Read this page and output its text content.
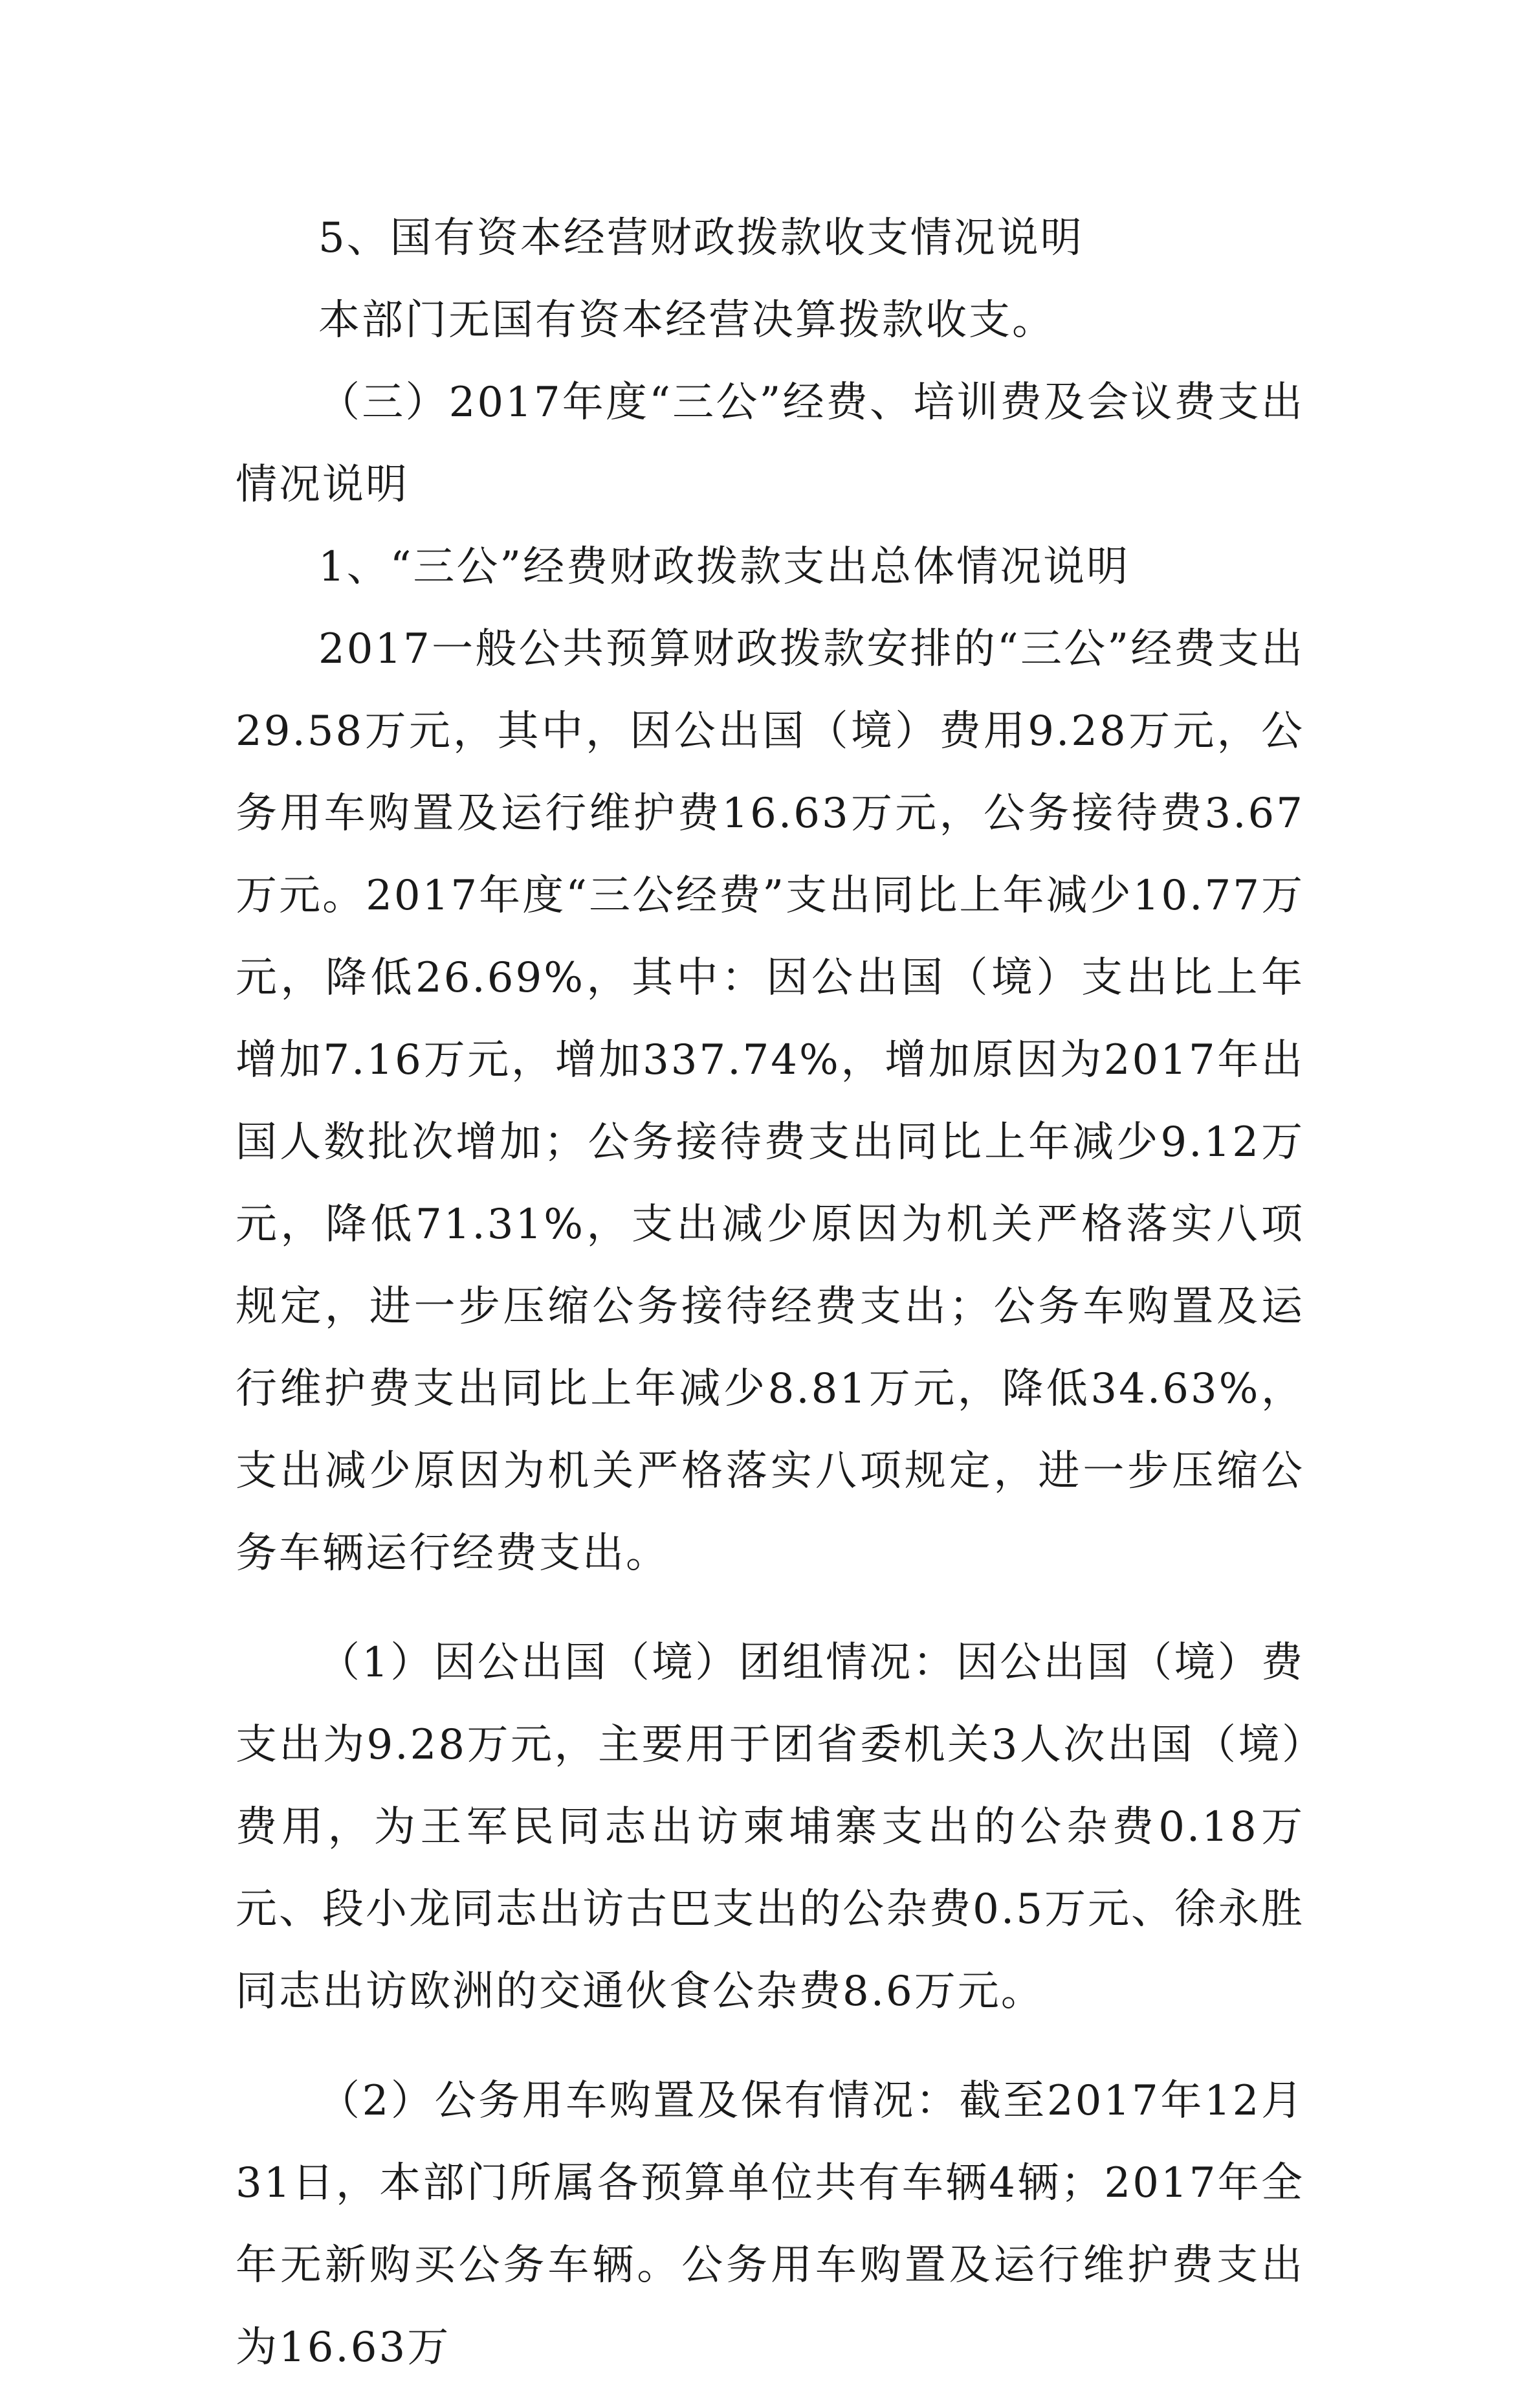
5、国有资本经营财政拨款收支情况说明

本部门无国有资本经营决算拨款收支。

（三）2017年度“三公”经费、培训费及会议费支出情况说明

1、“三公”经费财政拨款支出总体情况说明

2017一般公共预算财政拨款安排的“三公”经费支出29.58万元，其中，因公出国（境）费用9.28万元，公务用车购置及运行维护费16.63万元，公务接待费3.67万元。2017年度“三公经费”支出同比上年减少10.77万元，降低26.69%，其中：因公出国（境）支出比上年增加7.16万元，增加337.74%，增加原因为2017年出国人数批次增加；公务接待费支出同比上年减少9.12万元，降低71.31%，支出减少原因为机关严格落实八项规定，进一步压缩公务接待经费支出；公务车购置及运行维护费支出同比上年减少8.81万元，降低34.63%，支出减少原因为机关严格落实八项规定，进一步压缩公务车辆运行经费支出。

（1）因公出国（境）团组情况：因公出国（境）费支出为9.28万元，主要用于团省委机关3人次出国（境）费用，为王军民同志出访柬埔寨支出的公杂费0.18万元、段小龙同志出访古巴支出的公杂费0.5万元、徐永胜同志出访欧洲的交通伙食公杂费8.6万元。

（2）公务用车购置及保有情况：截至2017年12月31日，本部门所属各预算单位共有车辆4辆；2017年全年无新购买公务车辆。公务用车购置及运行维护费支出为16.63万
